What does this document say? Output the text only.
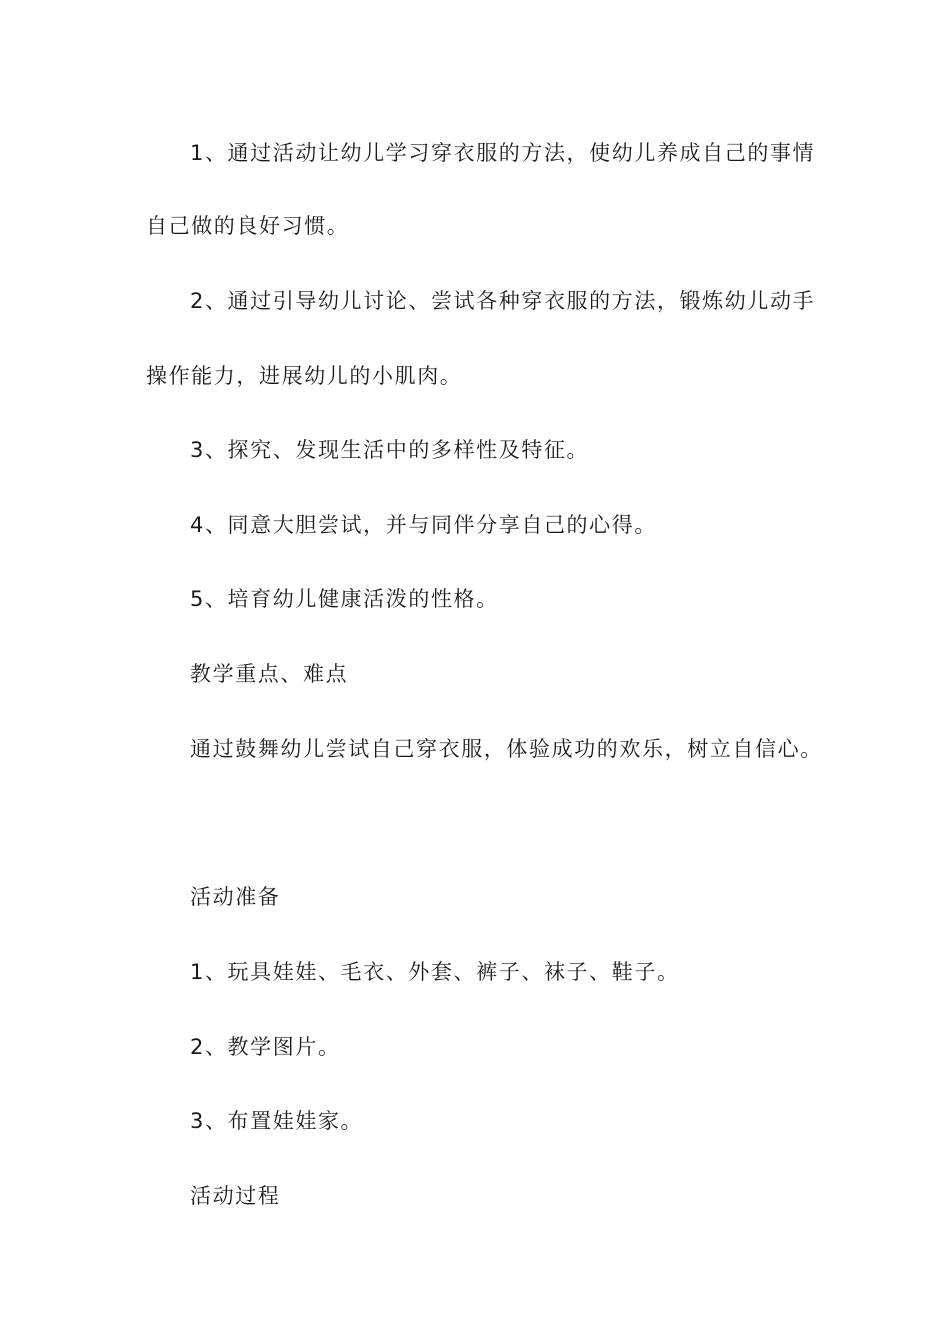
1、通过活动让幼儿学习穿衣服的方法，使幼儿养成自己的事情

自己做的良好习惯。

2、通过引导幼儿讨论、尝试各种穿衣服的方法，锻炼幼儿动手

操作能力，进展幼儿的小肌肉。

3、探究、发现生活中的多样性及特征。

4、同意大胆尝试，并与同伴分享自己的心得。

5、培育幼儿健康活泼的性格。

教学重点、难点

通过鼓舞幼儿尝试自己穿衣服，体验成功的欢乐，树立自信心。

活动准备

1、玩具娃娃、毛衣、外套、裤子、袜子、鞋子。

2、教学图片。

3、布置娃娃家。

活动过程
